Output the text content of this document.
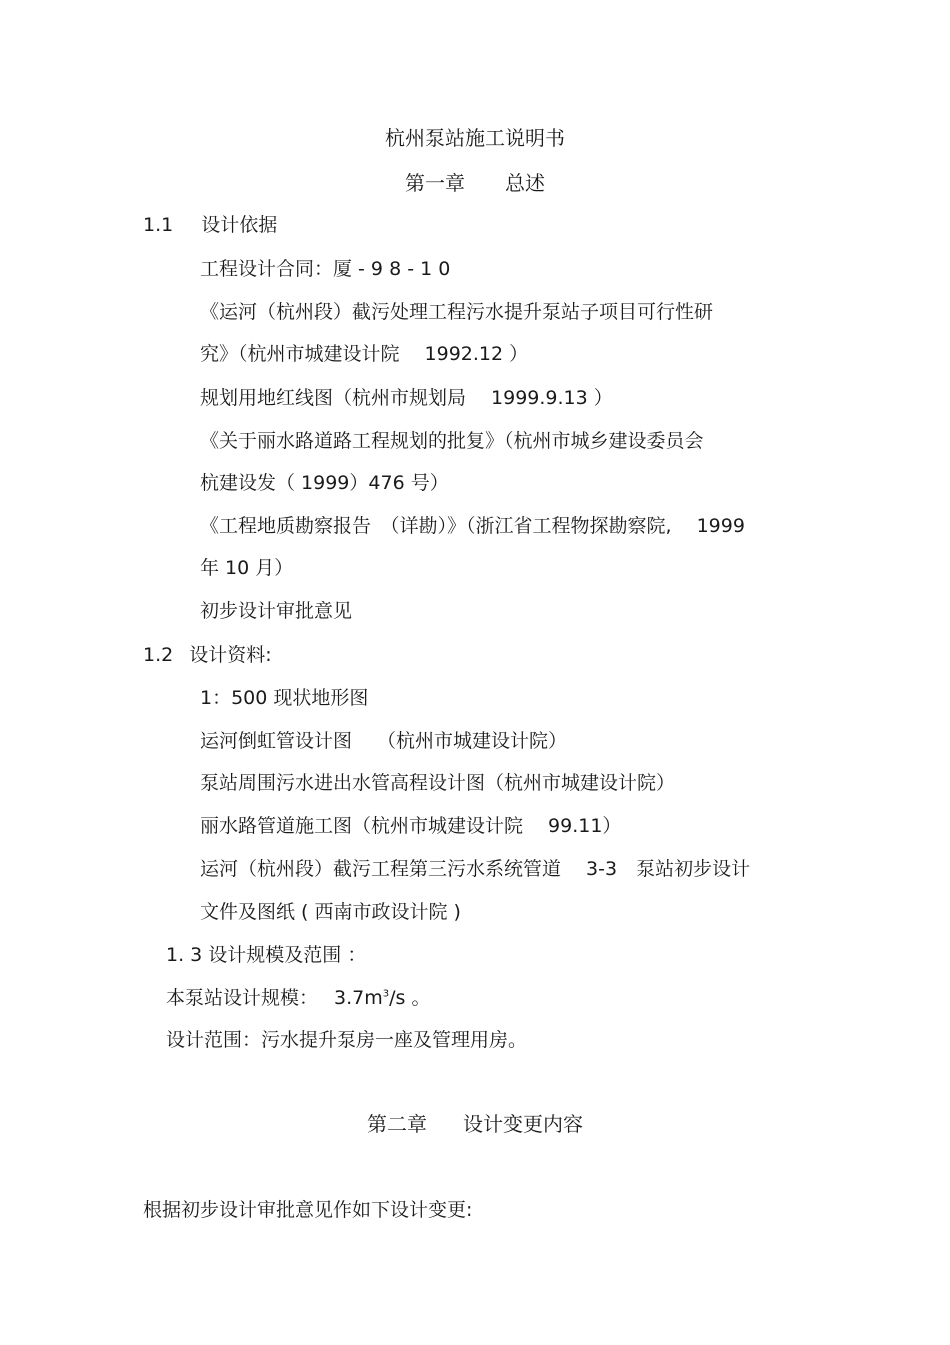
杭州泵站施工说明书
第一章 总述
1.1 设计依据
工程设计合同：厦 - 9 8 - 1 0
《运河（杭州段）截污处理工程污水提升泵站子项目可行性研
究》（杭州市城建设计院　 1992.12 ）
规划用地红线图（杭州市规划局　 1999.9.13 ）
《关于丽水路道路工程规划的批复》（杭州市城乡建设委员会
杭建设发（ 1999）476 号）
《工程地质勘察报告　（详勘）》（浙江省工程物探勘察院,　 1999
年 10 月）
初步设计审批意见
1.2 设计资料:
1：500 现状地形图
运河倒虹管设计图　 （杭州市城建设计院）
泵站周围污水进出水管高程设计图（杭州市城建设计院）
丽水路管道施工图（杭州市城建设计院　 99.11）
运河（杭州段）截污工程第三污水系统管道　 3-3　泵站初步设计
文件及图纸 ( 西南市政设计院 )
1. 3 设计规模及范围 ：
本泵站设计规模： $3.7m^3/s$ 。
设计范围：污水提升泵房一座及管理用房。
第二章 设计变更内容
根据初步设计审批意见作如下设计变更:
